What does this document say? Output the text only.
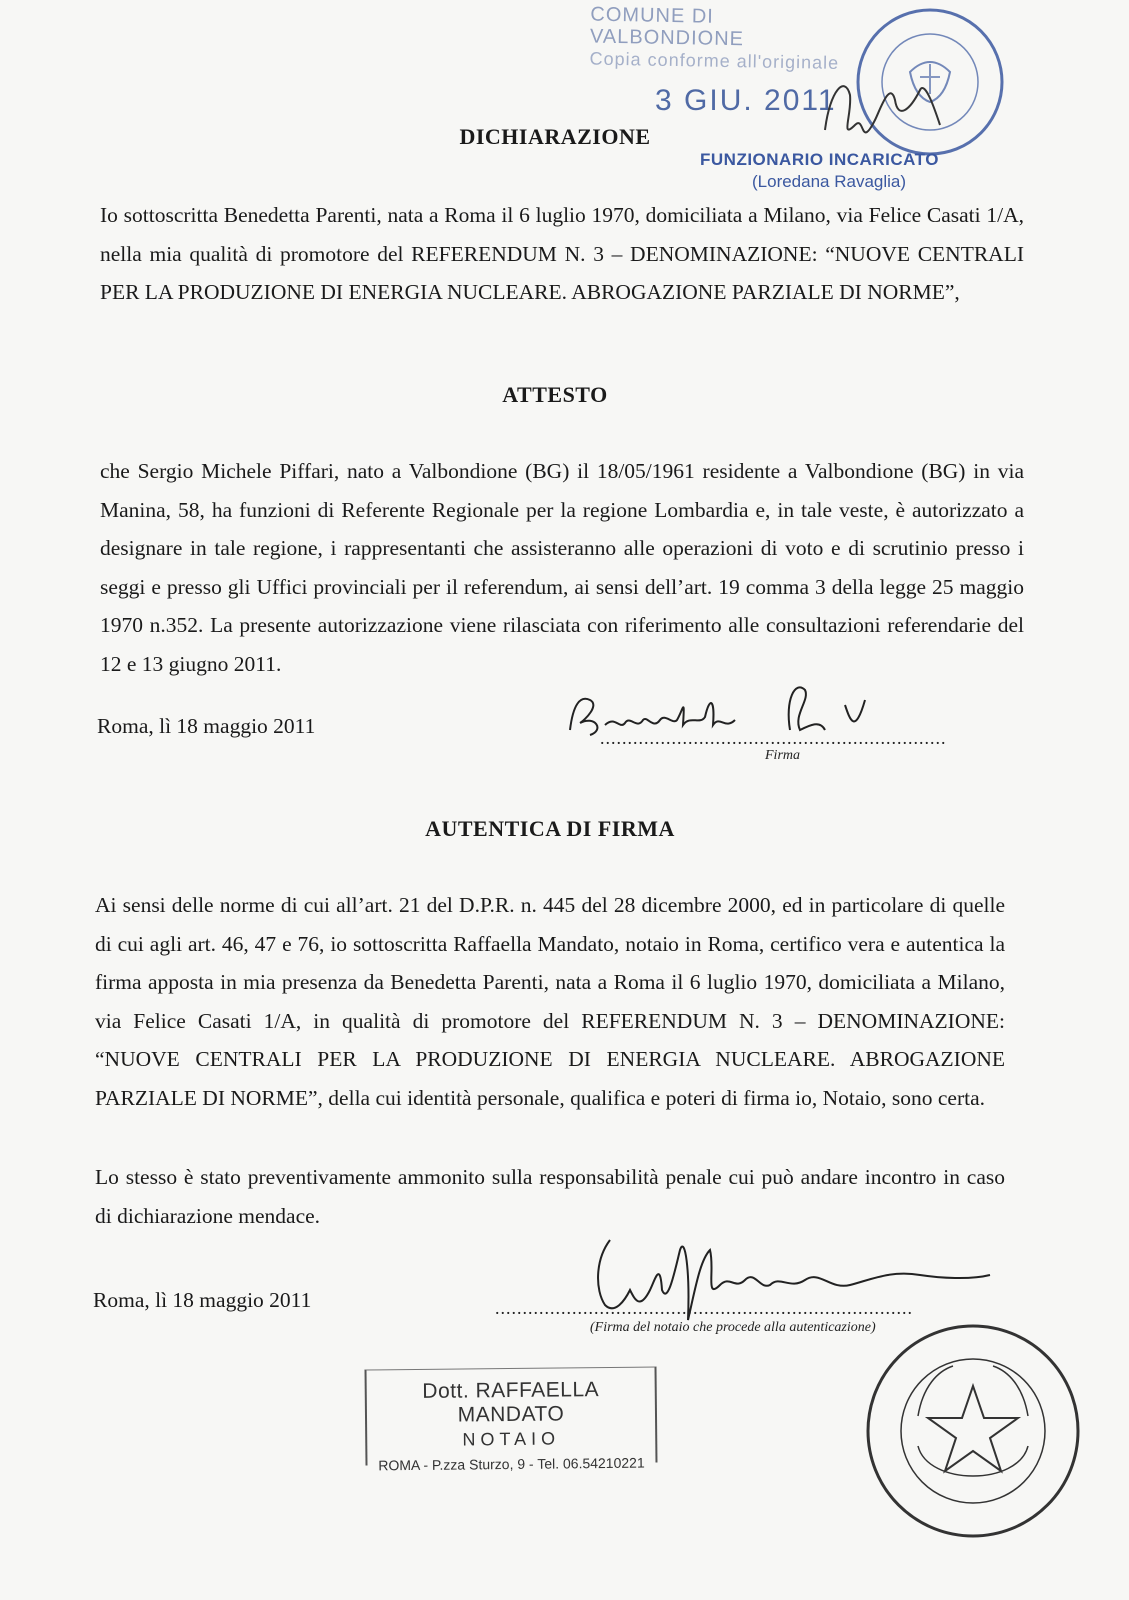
COMUNE DI VALBONDIONE
Copia conforme all'originale
3 GIU. 2011
FUNZIONARIO INCARICATO
(Loredana Ravaglia)
DICHIARAZIONE
Io sottoscritta Benedetta Parenti, nata a Roma il 6 luglio 1970, domiciliata a Milano, via Felice Casati 1/A, nella mia qualità di promotore del REFERENDUM N. 3 – DENOMINAZIONE: “NUOVE CENTRALI PER LA PRODUZIONE DI ENERGIA NUCLEARE. ABROGAZIONE PARZIALE DI NORME”,
ATTESTO
che Sergio Michele Piffari, nato a Valbondione (BG) il 18/05/1961 residente a Valbondione (BG) in via Manina, 58, ha funzioni di Referente Regionale per la regione Lombardia e, in tale veste, è autorizzato a designare in tale regione, i rappresentanti che assisteranno alle operazioni di voto e di scrutinio presso i seggi e presso gli Uffici provinciali per il referendum, ai sensi dell’art. 19 comma 3 della legge 25 maggio 1970 n.352. La presente autorizzazione viene rilasciata con riferimento alle consultazioni referendarie del 12 e 13 giugno 2011.
Roma, lì 18 maggio 2011	...............................................................
Firma
AUTENTICA DI FIRMA
Ai sensi delle norme di cui all’art. 21 del D.P.R. n. 445 del 28 dicembre 2000, ed in particolare di quelle di cui agli art. 46, 47 e 76, io sottoscritta Raffaella Mandato, notaio in Roma, certifico vera e autentica la firma apposta in mia presenza da Benedetta Parenti, nata a Roma il 6 luglio 1970, domiciliata a Milano, via Felice Casati 1/A, in qualità di promotore del REFERENDUM N. 3 – DENOMINAZIONE: “NUOVE CENTRALI PER LA PRODUZIONE DI ENERGIA NUCLEARE. ABROGAZIONE PARZIALE DI NORME”, della cui identità personale, qualifica e poteri di firma io, Notaio, sono certa.
Lo stesso è stato preventivamente ammonito sulla responsabilità penale cui può andare incontro in caso di dichiarazione mendace.
Roma, lì 18 maggio 2011	............................................................................
(Firma del notaio che procede alla autenticazione)
Dott. RAFFAELLA MANDATO
NOTAIO
ROMA - P.zza Sturzo, 9 - Tel. 06.54210221
